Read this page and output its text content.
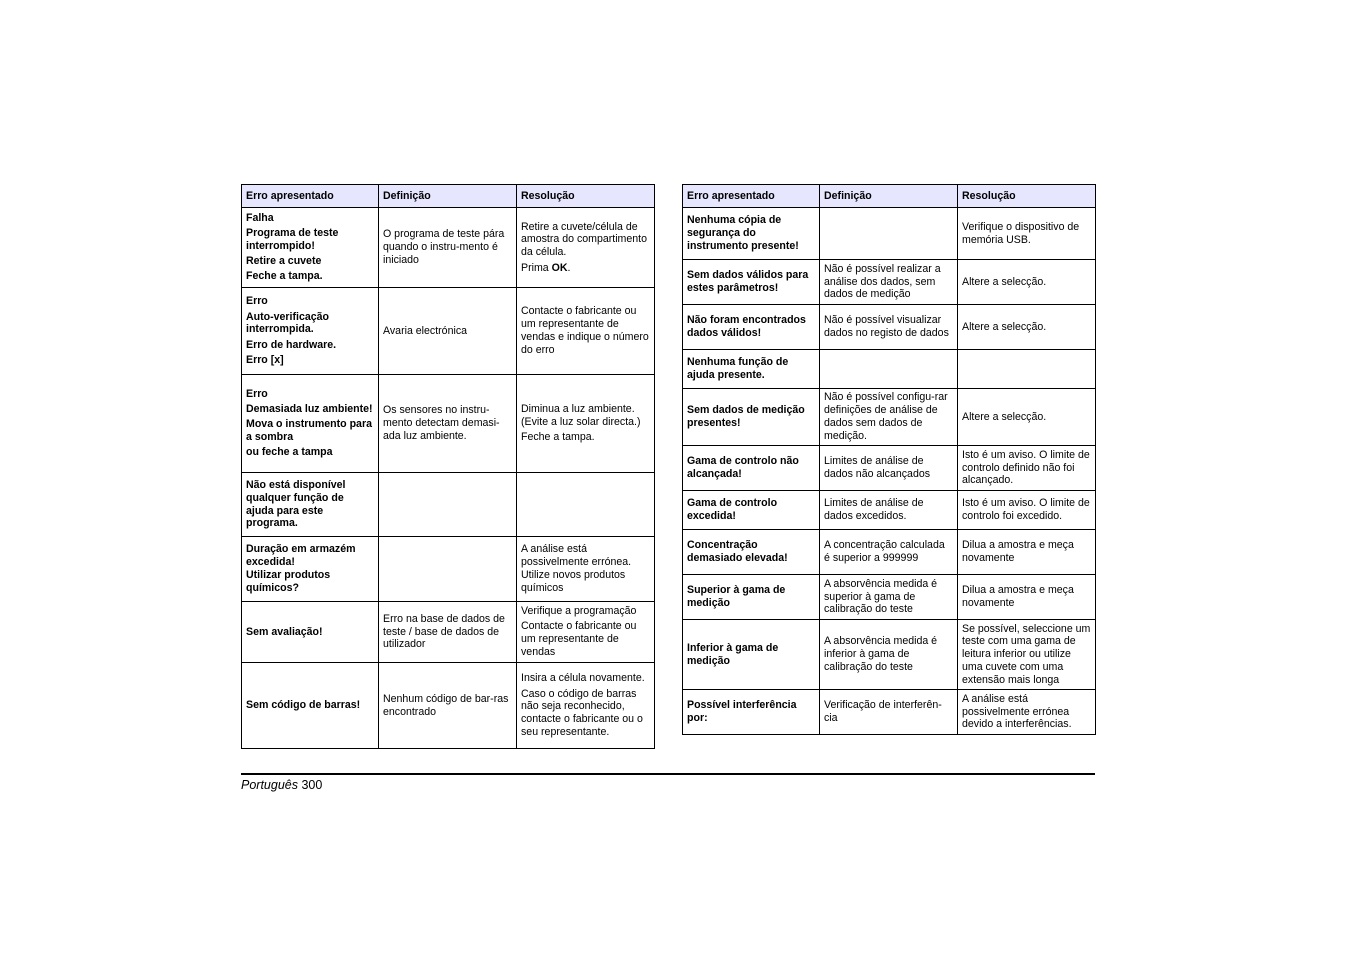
Erro apresentado	Definição	Resolução

Falha
Programa de teste interrompido!
Retire a cuvete
Feche a tampa.	O programa de teste pára quando o instru-mento é iniciado	Retire a cuvete/célula de amostra do compartimento da célula.
Prima OK.

Erro
Auto-verificação interrompida.
Erro de hardware.
Erro [x]	Avaria electrónica	Contacte o fabricante ou um representante de vendas e indique o número do erro

Erro
Demasiada luz ambiente!
Mova o instrumento para a sombra
ou feche a tampa	Os sensores no instru-mento detectam demasi-ada luz ambiente.	Diminua a luz ambiente. (Evite a luz solar directa.)
Feche a tampa.

Não está disponível qualquer função de ajuda para este programa.		

Duração em armazém excedida!
Utilizar produtos químicos?		A análise está possivelmente errónea. Utilize novos produtos químicos

Sem avaliação!	Erro na base de dados de teste / base de dados de utilizador	Verifique a programação
Contacte o fabricante ou um representante de vendas

Sem código de barras!	Nenhum código de bar-ras encontrado	Insira a célula novamente.
Caso o código de barras não seja reconhecido, contacte o fabricante ou o seu representante.
Erro apresentado	Definição	Resolução

Nenhuma cópia de segurança do instrumento presente!		Verifique o dispositivo de memória USB.

Sem dados válidos para estes parâmetros!	Não é possível realizar a análise dos dados, sem dados de medição	Altere a selecção.

Não foram encontrados dados válidos!	Não é possível visualizar dados no registo de dados	Altere a selecção.

Nenhuma função de ajuda presente.		

Sem dados de medição presentes!	Não é possível configu-rar definições de análise de dados sem dados de medição.	Altere a selecção.

Gama de controlo não alcançada!	Limites de análise de dados não alcançados	Isto é um aviso. O limite de controlo definido não foi alcançado.

Gama de controlo excedida!	Limites de análise de dados excedidos.	Isto é um aviso. O limite de controlo foi excedido.

Concentração demasiado elevada!	A concentração calculada é superior a 999999	Dilua a amostra e meça novamente

Superior à gama de medição	A absorvência medida é superior à gama de calibração do teste	Dilua a amostra e meça novamente

Inferior à gama de medição	A absorvência medida é inferior à gama de calibração do teste	Se possível, seleccione um teste com uma gama de leitura inferior ou utilize uma cuvete com uma extensão mais longa

Possível interferência por:	Verificação de interferên-cia	A análise está possivelmente errónea devido a interferências.
Português 300
